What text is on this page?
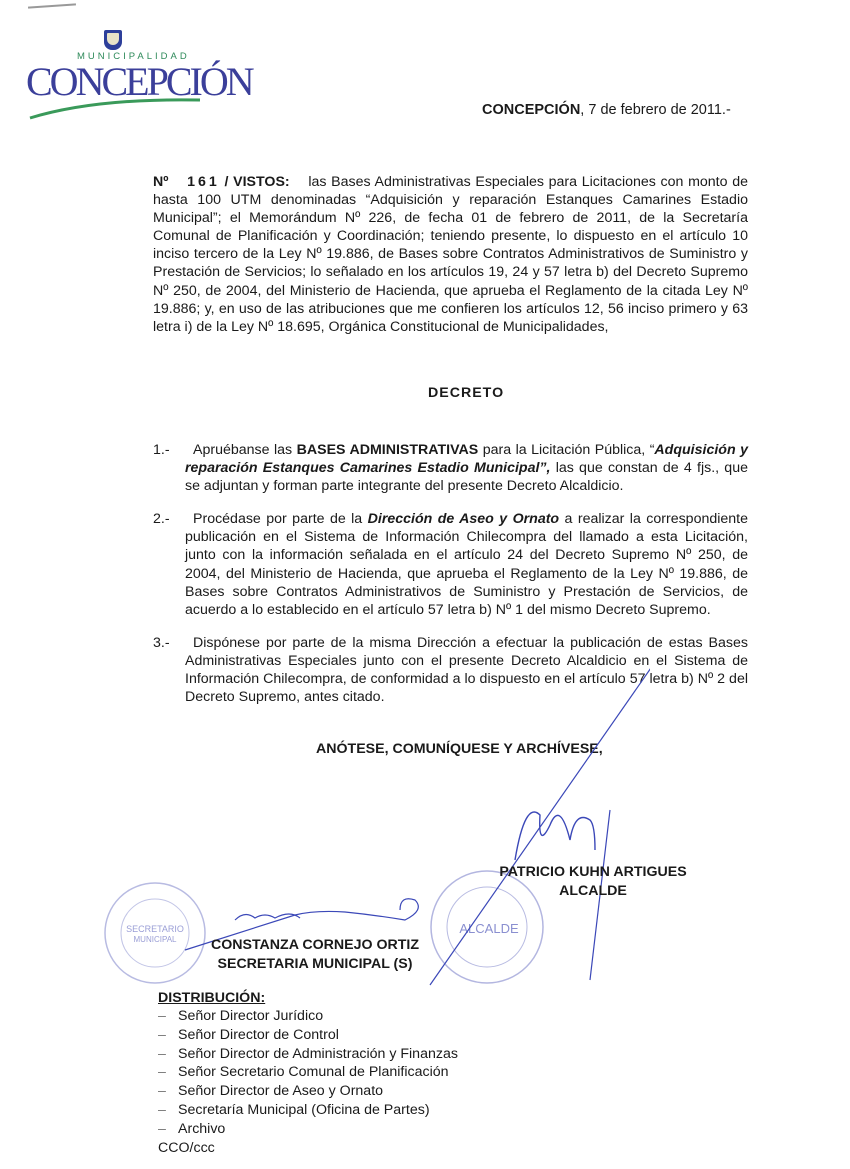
MUNICIPALIDAD
CONCEPCIÓN
CONCEPCIÓN, 7 de febrero de 2011.-
Nº 161 / VISTOS: las Bases Administrativas Especiales para Licitaciones con monto de hasta 100 UTM denominadas “Adquisición y reparación Estanques Camarines Estadio Municipal”; el Memorándum Nº 226, de fecha 01 de febrero de 2011, de la Secretaría Comunal de Planificación y Coordinación; teniendo presente, lo dispuesto en el artículo 10 inciso tercero de la Ley Nº 19.886, de Bases sobre Contratos Administrativos de Suministro y Prestación de Servicios; lo señalado en los artículos 19, 24 y 57 letra b) del Decreto Supremo Nº 250, de 2004, del Ministerio de Hacienda, que aprueba el Reglamento de la citada Ley Nº 19.886; y, en uso de las atribuciones que me confieren los artículos 12, 56 inciso primero y 63 letra i) de la Ley Nº 18.695, Orgánica Constitucional de Municipalidades,
DECRETO
1.- Apruébanse las BASES ADMINISTRATIVAS para la Licitación Pública, “Adquisición y reparación Estanques Camarines Estadio Municipal”, las que constan de 4 fjs., que se adjuntan y forman parte integrante del presente Decreto Alcaldicio.
2.- Procédase por parte de la Dirección de Aseo y Ornato a realizar la correspondiente publicación en el Sistema de Información Chilecompra del llamado a esta Licitación, junto con la información señalada en el artículo 24 del Decreto Supremo Nº 250, de 2004, del Ministerio de Hacienda, que aprueba el Reglamento de la Ley Nº 19.886, de Bases sobre Contratos Administrativos de Suministro y Prestación de Servicios, de acuerdo a lo establecido en el artículo 57 letra b) Nº 1 del mismo Decreto Supremo.
3.- Dispónese por parte de la misma Dirección a efectuar la publicación de estas Bases Administrativas Especiales junto con el presente Decreto Alcaldicio en el Sistema de Información Chilecompra, de conformidad a lo dispuesto en el artículo 57 letra b) Nº 2 del Decreto Supremo, antes citado.
ANÓTESE, COMUNÍQUESE Y ARCHÍVESE,
SECRETARIO
MUNICIPAL
ALCALDE
PATRICIO KUHN ARTIGUES
ALCALDE
CONSTANZA CORNEJO ORTIZ
SECRETARIA MUNICIPAL (S)
DISTRIBUCIÓN:
– Señor Director Jurídico
– Señor Director de Control
– Señor Director de Administración y Finanzas
– Señor Secretario Comunal de Planificación
– Señor Director de Aseo y Ornato
– Secretaría Municipal (Oficina de Partes)
– Archivo
CCO/ccc
